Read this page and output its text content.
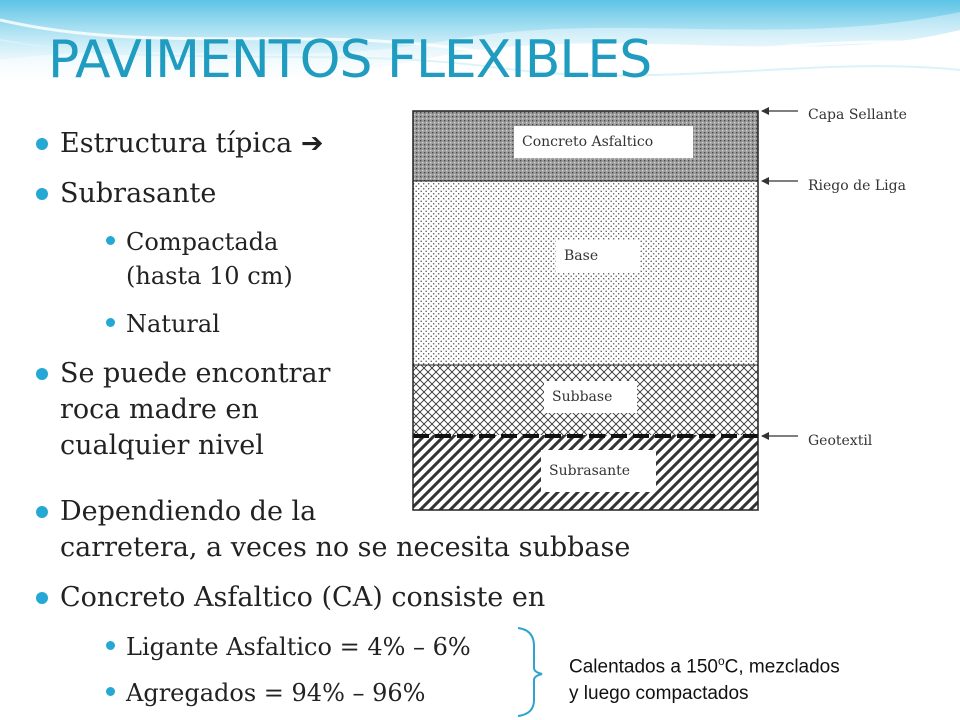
PAVIMENTOS FLEXIBLES
Estructura típica ➔
Subrasante
Compactada
(hasta 10 cm)
Natural
Se puede encontrar
roca madre en
cualquier nivel
Dependiendo de la
carretera, a veces no se necesita subbase
Concreto Asfaltico (CA) consiste en
Ligante Asfaltico = 4% – 6%
Agregados = 94% – 96%
Concreto Asfaltico
Base
Subbase
Subrasante
Capa Sellante
Riego de Liga
Geotextil
Calentados a 150$^o$C, mezclados
y luego compactados
